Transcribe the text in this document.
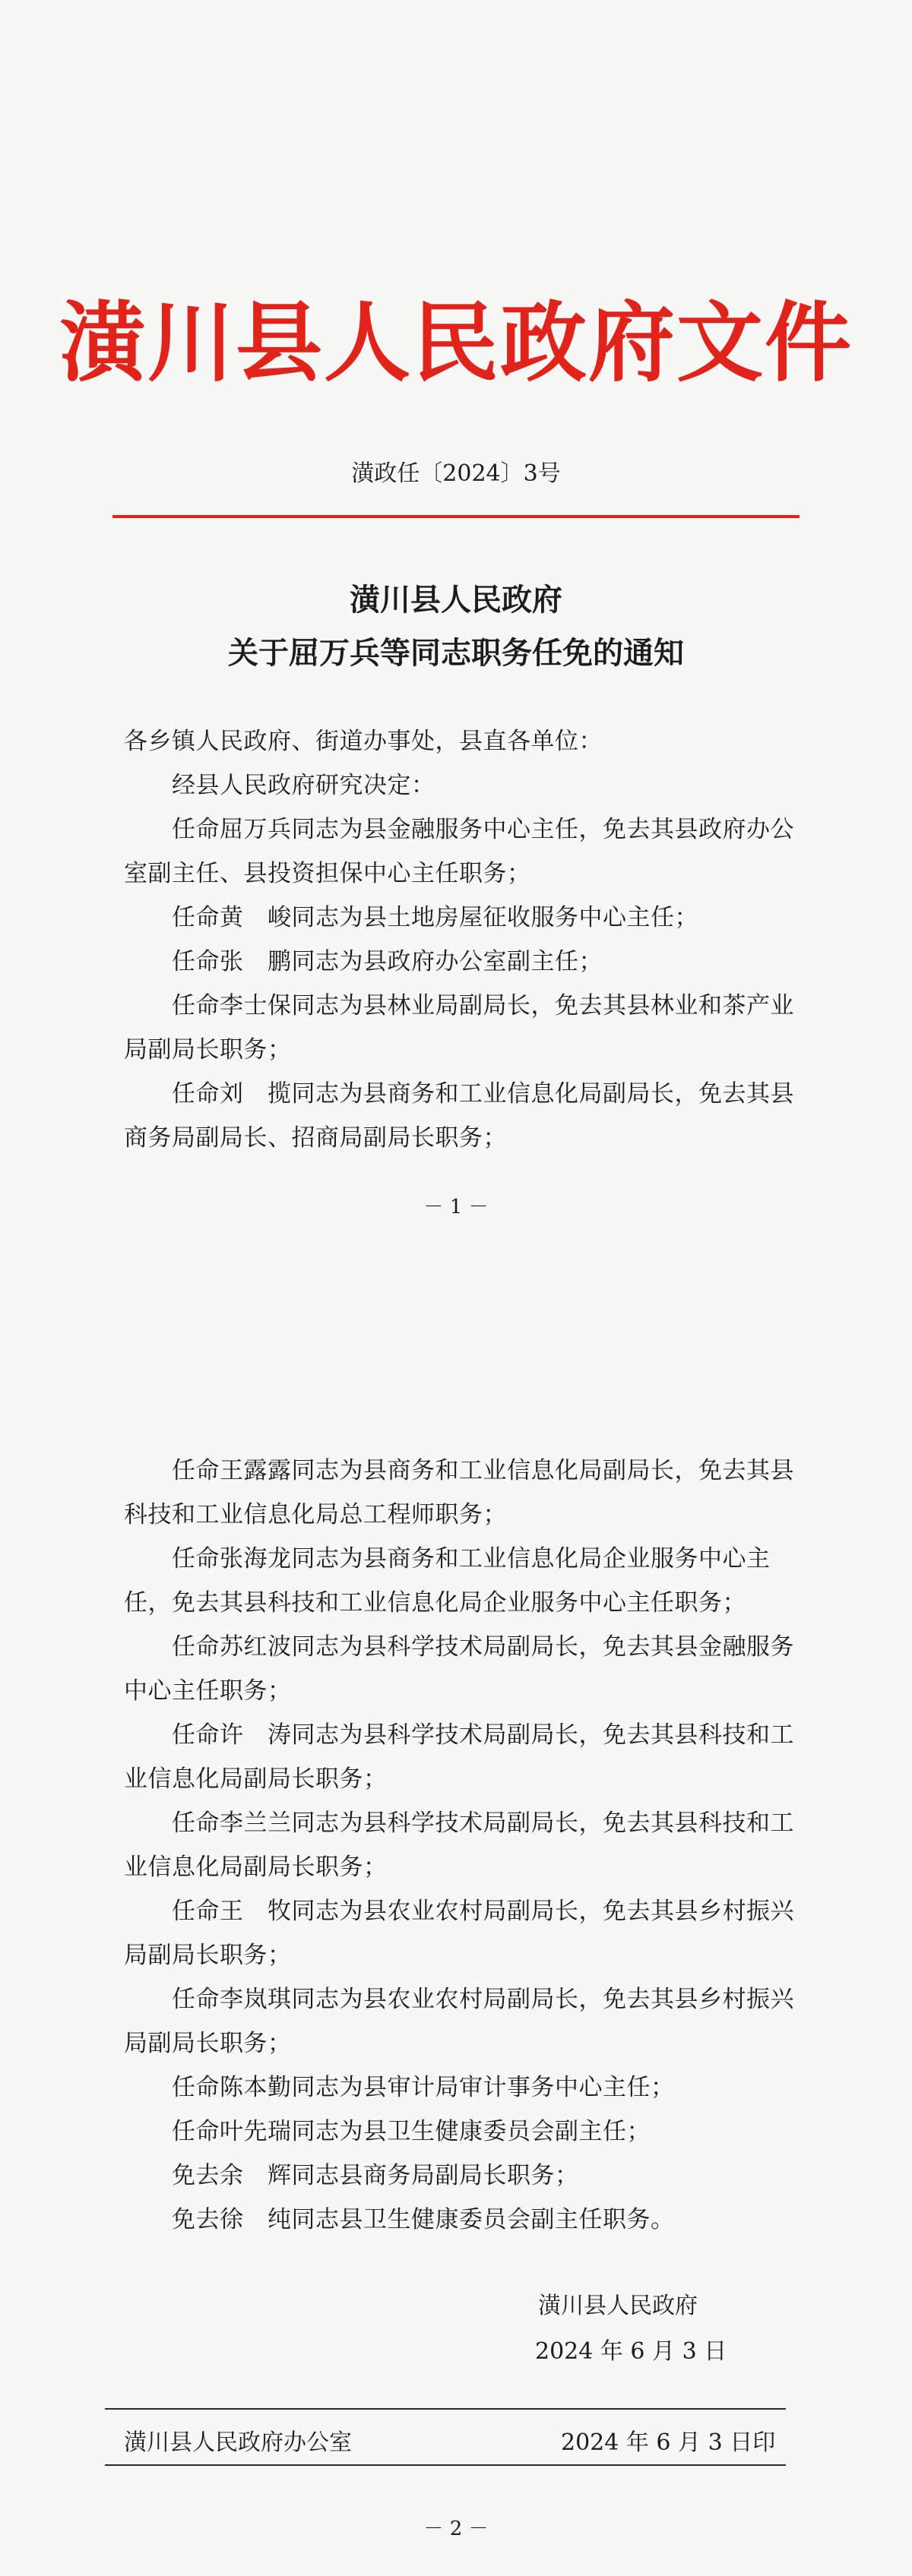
潢川县人民政府文件
潢政任〔2024〕3号
潢川县人民政府
关于屈万兵等同志职务任免的通知
各乡镇人民政府、街道办事处，县直各单位：
经县人民政府研究决定：
任命屈万兵同志为县金融服务中心主任，免去其县政府办公
室副主任、县投资担保中心主任职务；
任命黄　峻同志为县土地房屋征收服务中心主任；
任命张　鹏同志为县政府办公室副主任；
任命李士保同志为县林业局副局长，免去其县林业和茶产业
局副局长职务；
任命刘　揽同志为县商务和工业信息化局副局长，免去其县
商务局副局长、招商局副局长职务；
－ 1 －
任命王露露同志为县商务和工业信息化局副局长，免去其县
科技和工业信息化局总工程师职务；
任命张海龙同志为县商务和工业信息化局企业服务中心主
任，免去其县科技和工业信息化局企业服务中心主任职务；
任命苏红波同志为县科学技术局副局长，免去其县金融服务
中心主任职务；
任命许　涛同志为县科学技术局副局长，免去其县科技和工
业信息化局副局长职务；
任命李兰兰同志为县科学技术局副局长，免去其县科技和工
业信息化局副局长职务；
任命王　牧同志为县农业农村局副局长，免去其县乡村振兴
局副局长职务；
任命李岚琪同志为县农业农村局副局长，免去其县乡村振兴
局副局长职务；
任命陈本勤同志为县审计局审计事务中心主任；
任命叶先瑞同志为县卫生健康委员会副主任；
免去余　辉同志县商务局副局长职务；
免去徐　纯同志县卫生健康委员会副主任职务。
潢川县人民政府
2024 年 6 月 3 日
潢川县人民政府办公室	2024 年 6 月 3 日印
－ 2 －
